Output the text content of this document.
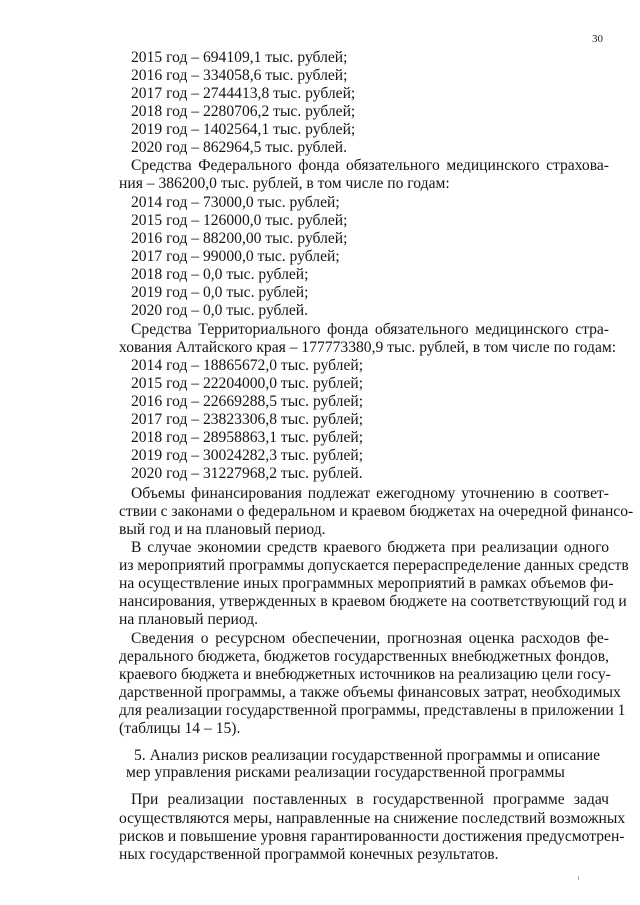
30
2015 год – 694109,1 тыс. рублей;
2016 год – 334058,6 тыс. рублей;
2017 год – 2744413,8 тыс. рублей;
2018 год – 2280706,2 тыс. рублей;
2019 год – 1402564,1 тыс. рублей;
2020 год – 862964,5 тыс. рублей.
Средства Федерального фонда обязательного медицинского страхова-
ния – 386200,0 тыс. рублей, в том числе по годам:
2014 год – 73000,0 тыс. рублей;
2015 год – 126000,0 тыс. рублей;
2016 год – 88200,00 тыс. рублей;
2017 год – 99000,0 тыс. рублей;
2018 год – 0,0 тыс. рублей;
2019 год – 0,0 тыс. рублей;
2020 год – 0,0 тыс. рублей.
Средства Территориального фонда обязательного медицинского стра-
хования Алтайского края – 177773380,9 тыс. рублей, в том числе по годам:
2014 год – 18865672,0 тыс. рублей;
2015 год – 22204000,0 тыс. рублей;
2016 год – 22669288,5 тыс. рублей;
2017 год – 23823306,8 тыс. рублей;
2018 год – 28958863,1 тыс. рублей;
2019 год – 30024282,3 тыс. рублей;
2020 год – 31227968,2 тыс. рублей.
Объемы финансирования подлежат ежегодному уточнению в соответ-
ствии с законами о федеральном и краевом бюджетах на очередной финансо-
вый год и на плановый период.
В случае экономии средств краевого бюджета при реализации одного
из мероприятий программы допускается перераспределение данных средств
на осуществление иных программных мероприятий в рамках объемов фи-
нансирования, утвержденных в краевом бюджете на соответствующий год и
на плановый период.
Сведения о ресурсном обеспечении, прогнозная оценка расходов фе-
дерального бюджета, бюджетов государственных внебюджетных фондов,
краевого бюджета и внебюджетных источников на реализацию цели госу-
дарственной программы, а также объемы финансовых затрат, необходимых
для реализации государственной программы, представлены в приложении 1
(таблицы 14 – 15).
5. Анализ рисков реализации государственной программы и описание
мер управления рисками реализации государственной программы
При реализации поставленных в государственной программе задач
осуществляются меры, направленные на снижение последствий возможных
рисков и повышение уровня гарантированности достижения предусмотрен-
ных государственной программой конечных результатов.
